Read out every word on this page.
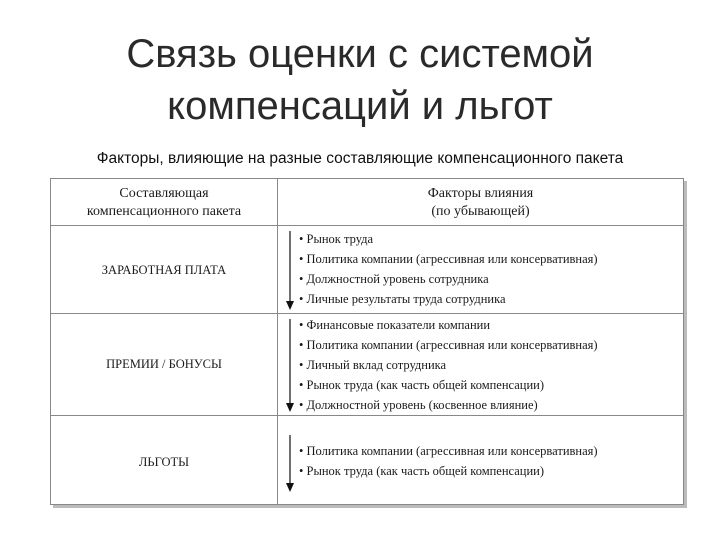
Связь оценки с системой
компенсаций и льгот
Факторы, влияющие на разные составляющие компенсационного пакета
Составляющая
компенсационного пакета
Факторы влияния
(по убывающей)
ЗАРАБОТНАЯ ПЛАТА
• Рынок труда
• Политика компании (агрессивная или консервативная)
• Должностной уровень сотрудника
• Личные результаты труда сотрудника
ПРЕМИИ / БОНУСЫ
• Финансовые показатели компании
• Политика компании (агрессивная или консервативная)
• Личный вклад сотрудника
• Рынок труда (как часть общей компенсации)
• Должностной уровень (косвенное влияние)
ЛЬГОТЫ
• Политика компании (агрессивная или консервативная)
• Рынок труда (как часть общей компенсации)
